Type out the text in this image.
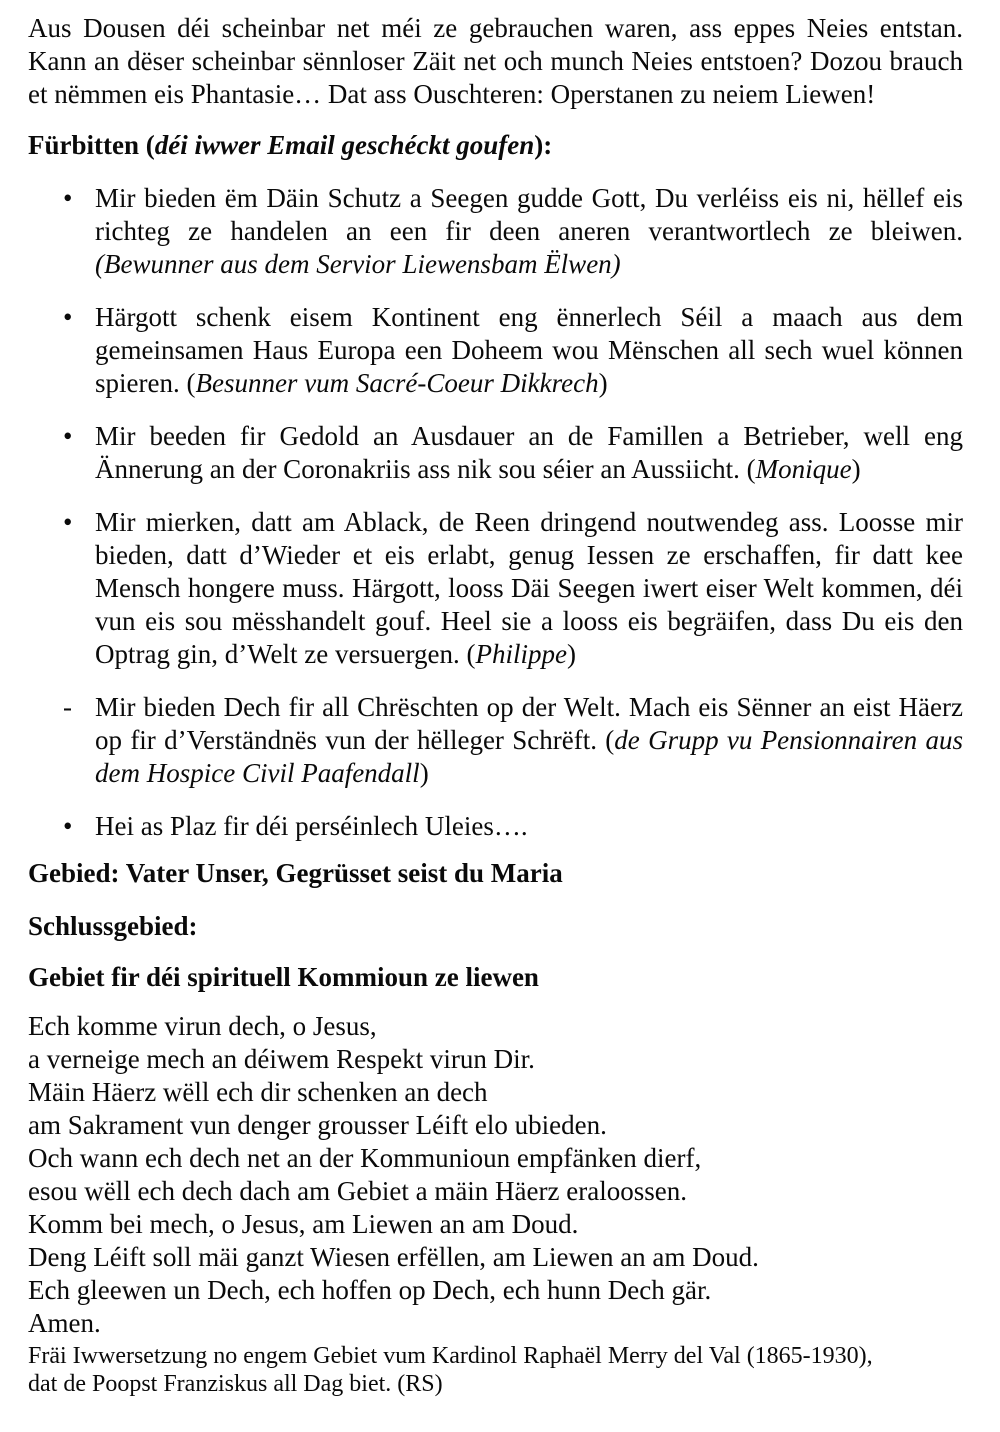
Aus Dousen déi scheinbar net méi ze gebrauchen waren, ass eppes Neies entstan. Kann an dëser scheinbar sënnloser Zäit net och munch Neies entstoen? Dozou brauch et nëmmen eis Phantasie… Dat ass Ouschteren: Operstanen zu neiem Liewen!

Fürbitten (déi iwwer Email geschéckt goufen):
• Mir bieden ëm Däin Schutz a Seegen gudde Gott, Du verléiss eis ni, hëllef eis richteg ze handelen an een fir deen aneren verantwortlech ze bleiwen. (Bewunner aus dem Servior Liewensbam Ëlwen)
• Härgott schenk eisem Kontinent eng ënnerlech Séil a maach aus dem gemeinsamen Haus Europa een Doheem wou Mënschen all sech wuel können spieren. (Besunner vum Sacré-Coeur Dikkrech)
• Mir beeden fir Gedold an Ausdauer an de Famillen a Betrieber, well eng Ännerung an der Coronakriis ass nik sou séier an Aussiicht. (Monique)
• Mir mierken, datt am Ablack, de Reen dringend noutwendeg ass. Loosse mir bieden, datt d’Wieder et eis erlabt, genug Iessen ze erschaffen, fir datt kee Mensch hongere muss. Härgott, looss Däi Seegen iwert eiser Welt kommen, déi vun eis sou mësshandelt gouf. Heel sie a looss eis begräifen, dass Du eis den Optrag gin, d’Welt ze versuergen. (Philippe)
- Mir bieden Dech fir all Chrëschten op der Welt. Mach eis Sënner an eist Häerz op fir d’Verständnës vun der hëlleger Schrëft. (de Grupp vu Pensionnairen aus dem Hospice Civil Paafendall)
• Hei as Plaz fir déi perséinlech Uleies….
Gebied: Vater Unser, Gegrüsset seist du Maria
Schlussgebied:
Gebiet fir déi spirituell Kommioun ze liewen
Ech komme virun dech, o Jesus,
a verneige mech an déiwem Respekt virun Dir.
Mäin Häerz wëll ech dir schenken an dech
am Sakrament vun denger grousser Léift elo ubieden.
Och wann ech dech net an der Kommunioun empfänken dierf,
esou wëll ech dech dach am Gebiet a mäin Häerz eraloossen.
Komm bei mech, o Jesus, am Liewen an am Doud.
Deng Léift soll mäi ganzt Wiesen erfëllen, am Liewen an am Doud.
Ech gleewen un Dech, ech hoffen op Dech, ech hunn Dech gär.
Amen.
Fräi Iwwersetzung no engem Gebiet vum Kardinol Raphaël Merry del Val (1865-1930),
dat de Poopst Franziskus all Dag biet. (RS)
